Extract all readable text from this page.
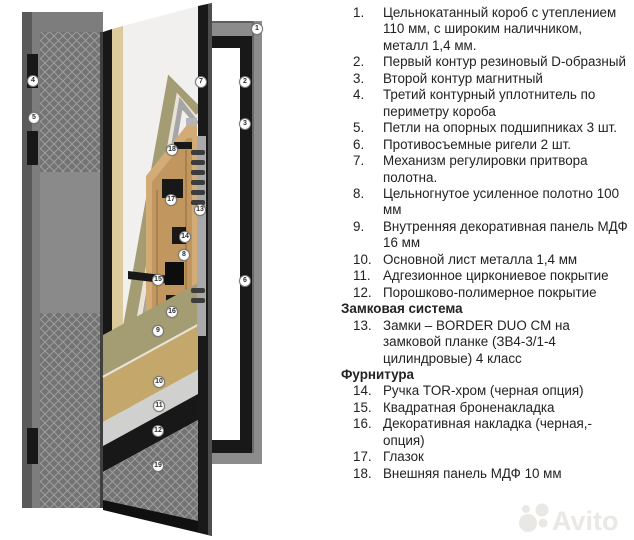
1
2
3
4
5
6
7
8
9
10
11
12
13
14
15
16
17
18
19
1.	Цельнокатанный короб с утеплением 110 мм, с широким наличником, металл 1,4 мм.
2.	Первый контур резиновый D-образный
3.	Второй контур магнитный
4.	Третий контурный уплотнитель по периметру короба
5.	Петли на опорных подшипниках 3 шт.
6.	Противосъемные ригели 2 шт.
7.	Механизм регулировки притвора полотна.
8.	Цельногнутое усиленное полотно 100 мм
9.	Внутренняя декоративная панель МДФ 16 мм
10. Основной лист металла 1,4 мм
11. Адгезионное циркониевое покрытие
12. Порошково-полимерное покрытие
Замковая система
13. Замки – BORDER DUO CM на замковой планке (ЗВ4-3/1-4 цилиндровые) 4 класс
Фурнитура
14. Ручка TOR-хром (черная опция)
15. Квадратная броненакладка
16. Декоративная накладка (черная,- опция)
17. Глазок
18. Внешняя панель МДФ 10 мм
Avito
